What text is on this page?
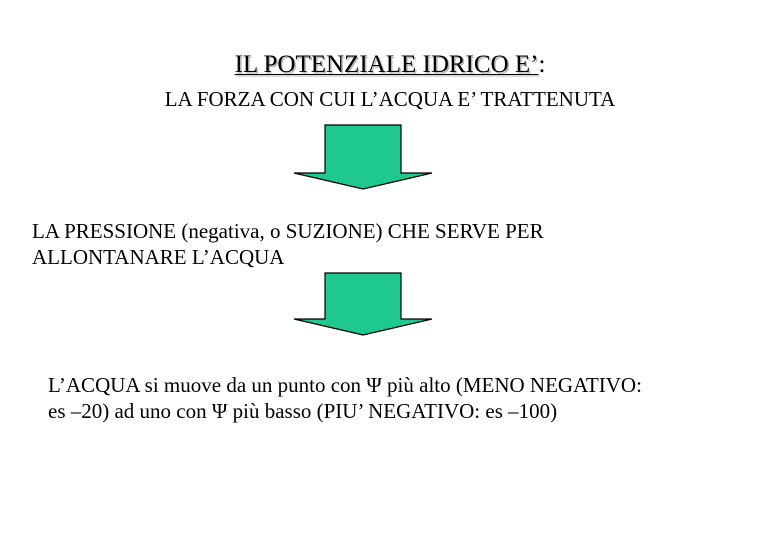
IL POTENZIALE IDRICO E’:
LA FORZA CON CUI L’ACQUA E’ TRATTENUTA
LA PRESSIONE (negativa, o SUZIONE) CHE SERVE PER
ALLONTANARE L’ACQUA
L’ACQUA si muove da un punto con Ψ più alto (MENO NEGATIVO:
es –20) ad uno con Ψ più basso (PIU’ NEGATIVO: es –100)
